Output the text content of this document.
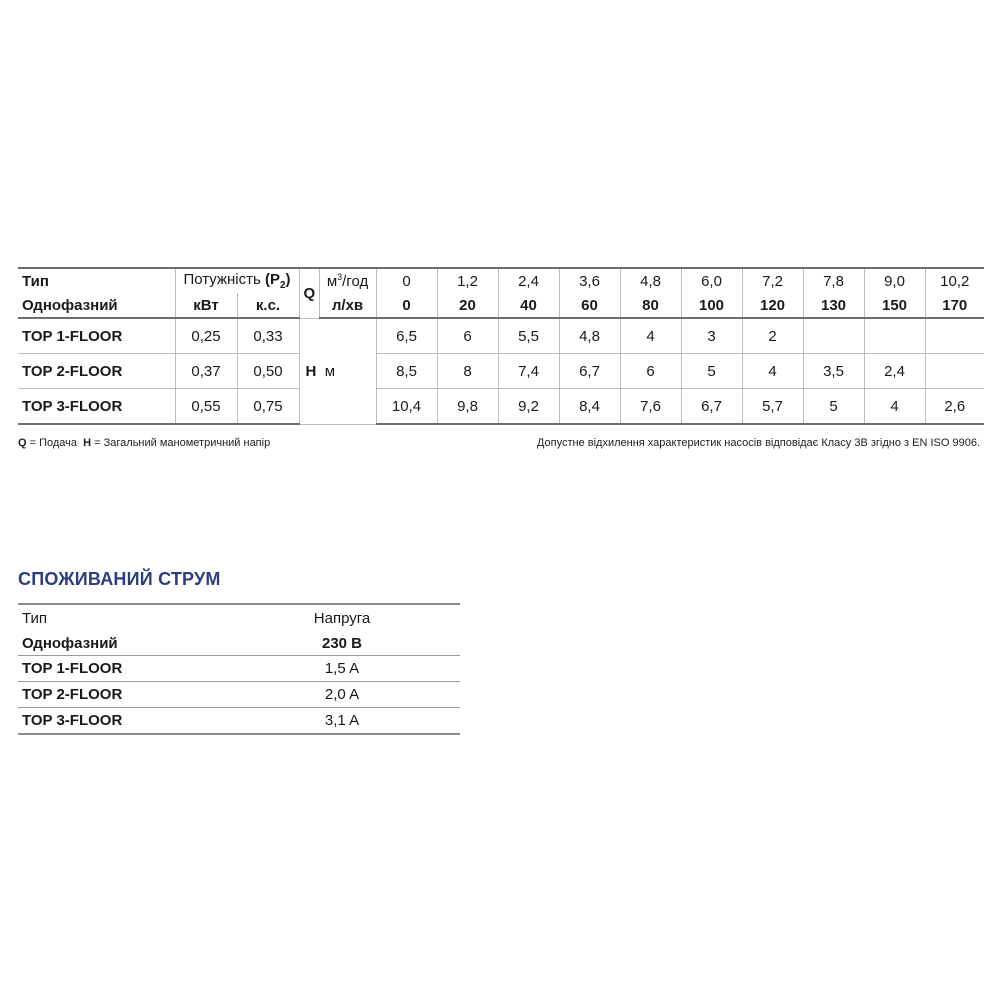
Тип	Потужність $(P_2)$		Q	$м^3$/год	0	1,2	2,4	3,6	4,8	6,0	7,2	7,8	9,0	10,2
Однофазний	кВт	к.с.		л/хв	0	20	40	60	80	100	120	130	150	170
TOP 1-FLOOR	0,25	0,33	H м		6,5	6	5,5	4,8	4	3	2			
TOP 2-FLOOR	0,37	0,50			8,5	8	7,4	6,7	6	5	4	3,5	2,4	
TOP 3-FLOOR	0,55	0,75			10,4	9,8	9,2	8,4	7,6	6,7	5,7	5	4	2,6
Q = Подача  H = Загальний манометричний напір	Допустне відхилення характеристик насосів відповідає Класу 3В згідно з EN ISO 9906.
СПОЖИВАНИЙ СТРУМ
Тип	Напруга
Однофазний	230 В
TOP 1-FLOOR	1,5 A
TOP 2-FLOOR	2,0 A
TOP 3-FLOOR	3,1 A
